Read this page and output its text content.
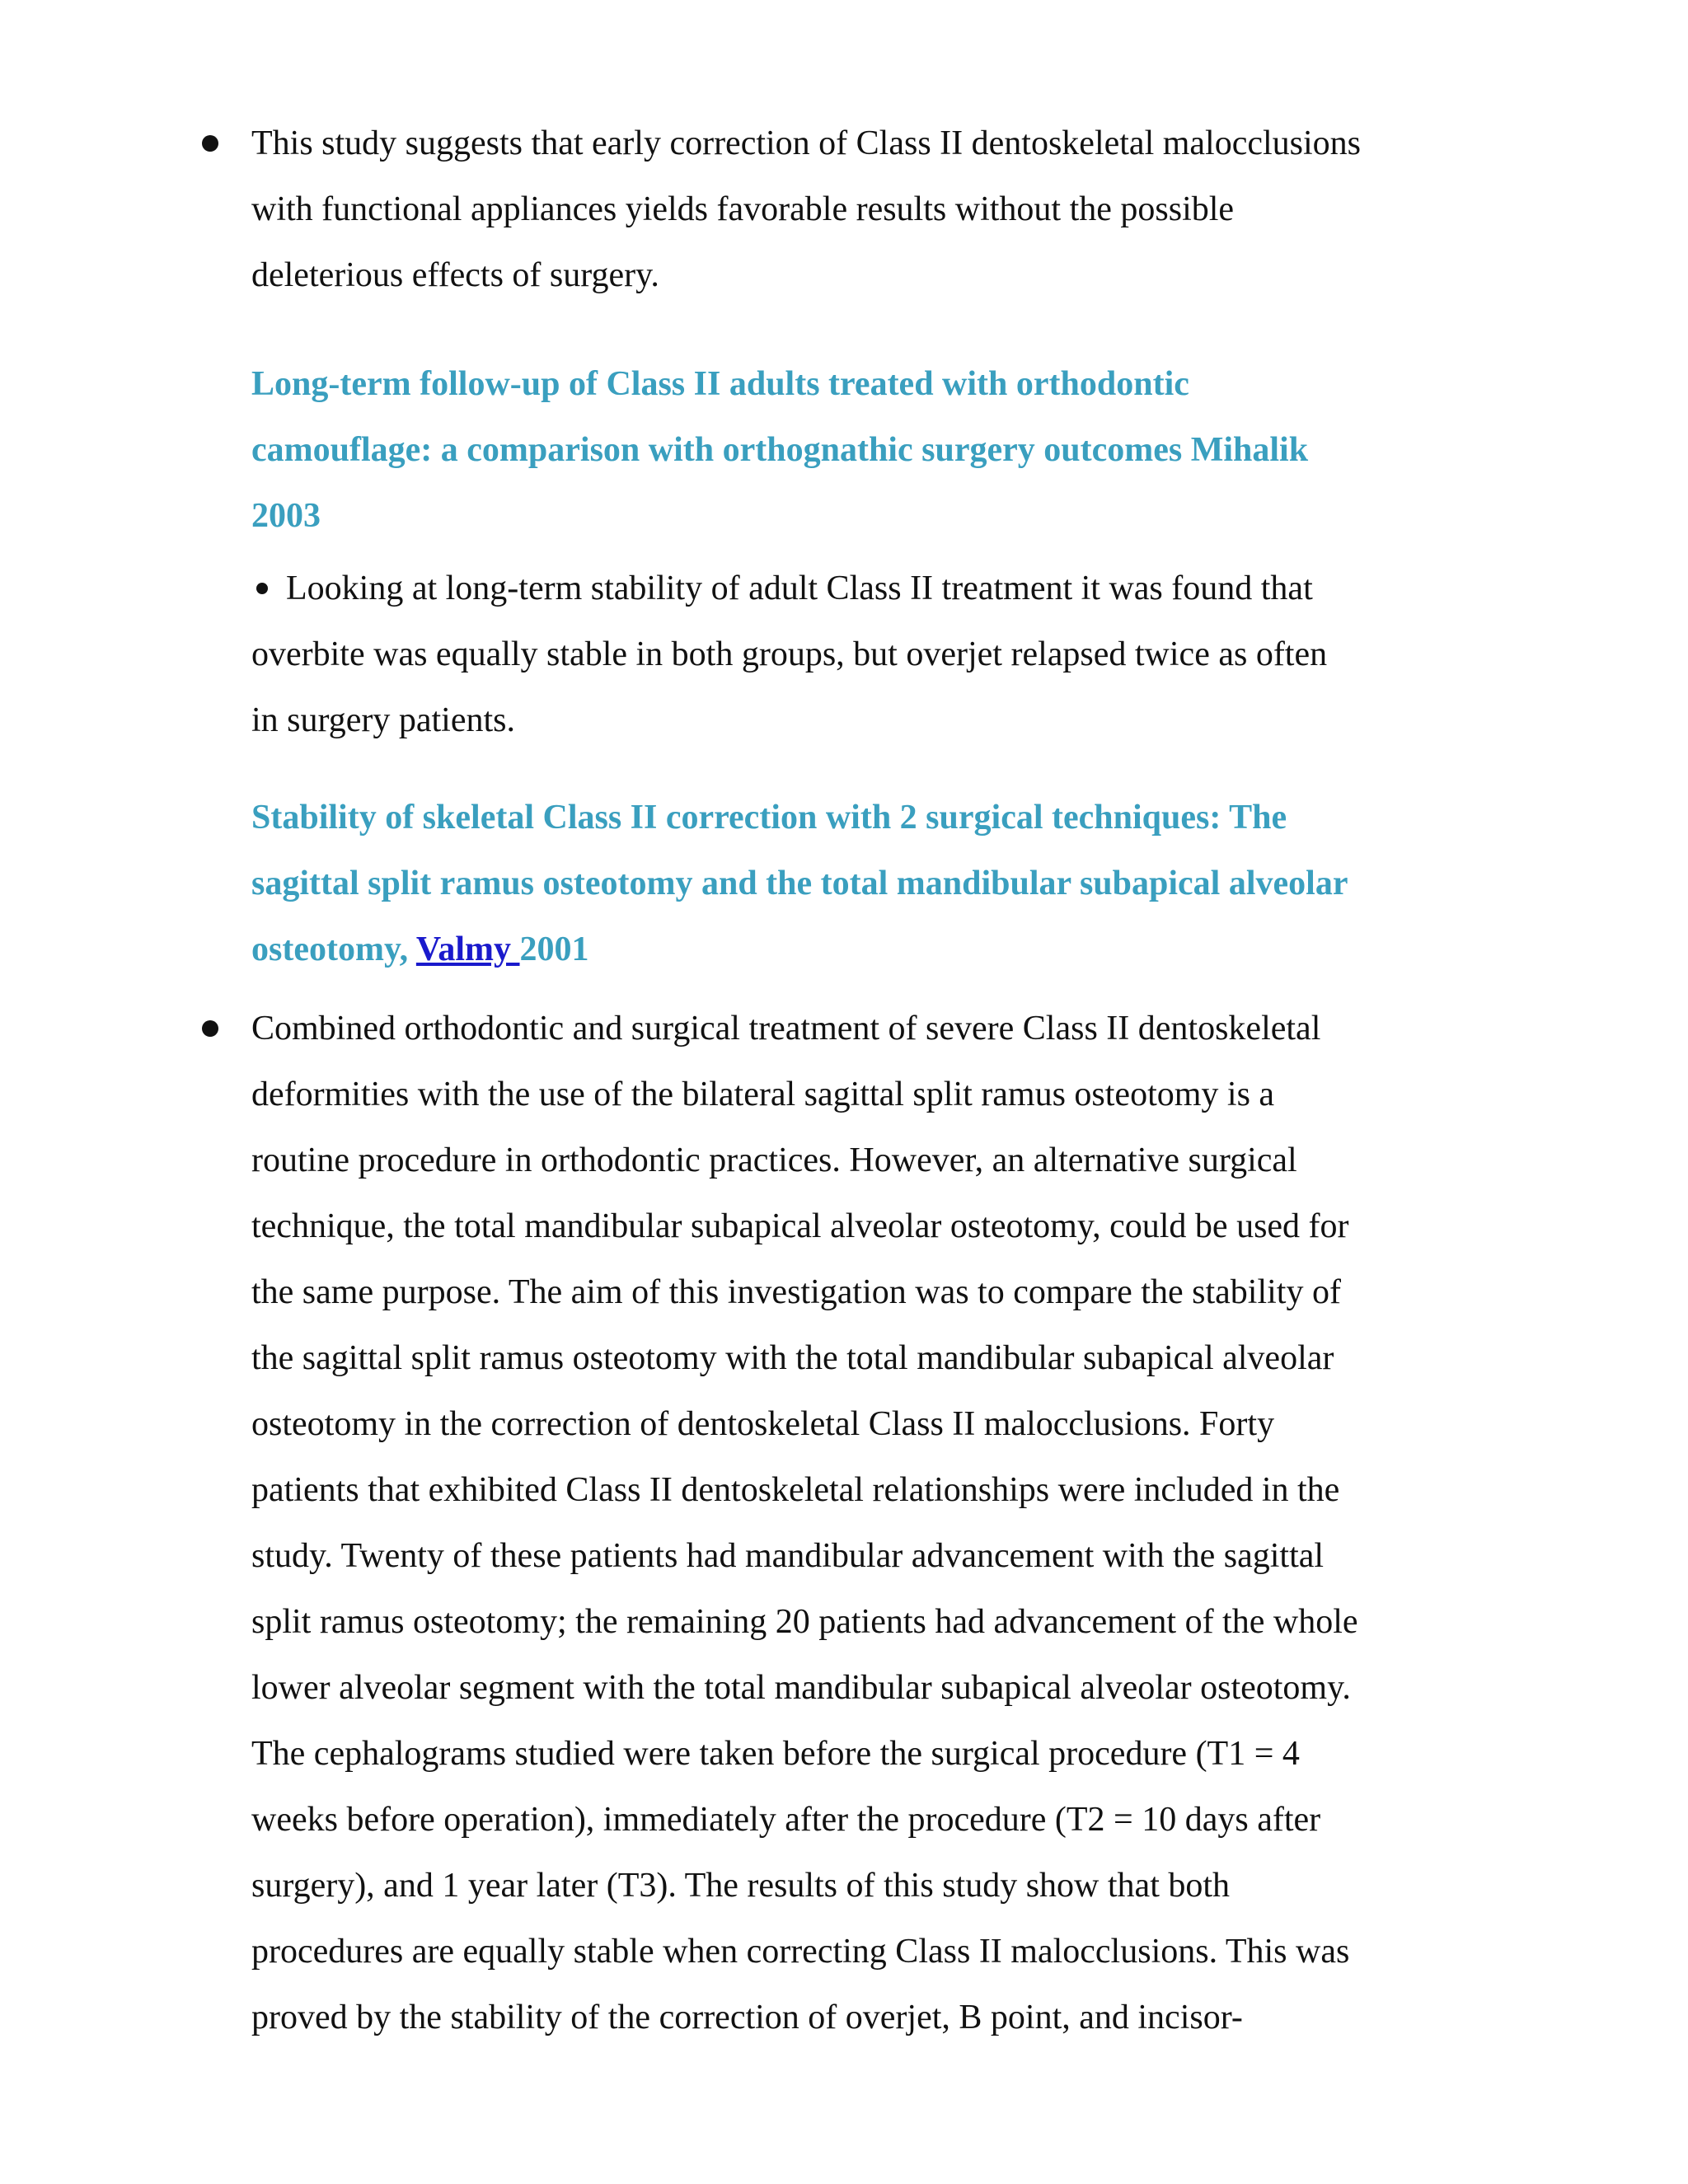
This study suggests that early correction of Class II dentoskeletal malocclusions
with functional appliances yields favorable results without the possible
deleterious effects of surgery.
Long-term follow-up of Class II adults treated with orthodontic
camouflage: a comparison with orthognathic surgery outcomes Mihalik
2003
Looking at long-term stability of adult Class II treatment it was found that
overbite was equally stable in both groups, but overjet relapsed twice as often
in surgery patients.
Stability of skeletal Class II correction with 2 surgical techniques: The
sagittal split ramus osteotomy and the total mandibular subapical alveolar
osteotomy, Valmy 2001
Combined orthodontic and surgical treatment of severe Class II dentoskeletal
deformities with the use of the bilateral sagittal split ramus osteotomy is a
routine procedure in orthodontic practices. However, an alternative surgical
technique, the total mandibular subapical alveolar osteotomy, could be used for
the same purpose. The aim of this investigation was to compare the stability of
the sagittal split ramus osteotomy with the total mandibular subapical alveolar
osteotomy in the correction of dentoskeletal Class II malocclusions. Forty
patients that exhibited Class II dentoskeletal relationships were included in the
study. Twenty of these patients had mandibular advancement with the sagittal
split ramus osteotomy; the remaining 20 patients had advancement of the whole
lower alveolar segment with the total mandibular subapical alveolar osteotomy.
The cephalograms studied were taken before the surgical procedure (T1 = 4
weeks before operation), immediately after the procedure (T2 = 10 days after
surgery), and 1 year later (T3). The results of this study show that both
procedures are equally stable when correcting Class II malocclusions. This was
proved by the stability of the correction of overjet, B point, and incisor-
